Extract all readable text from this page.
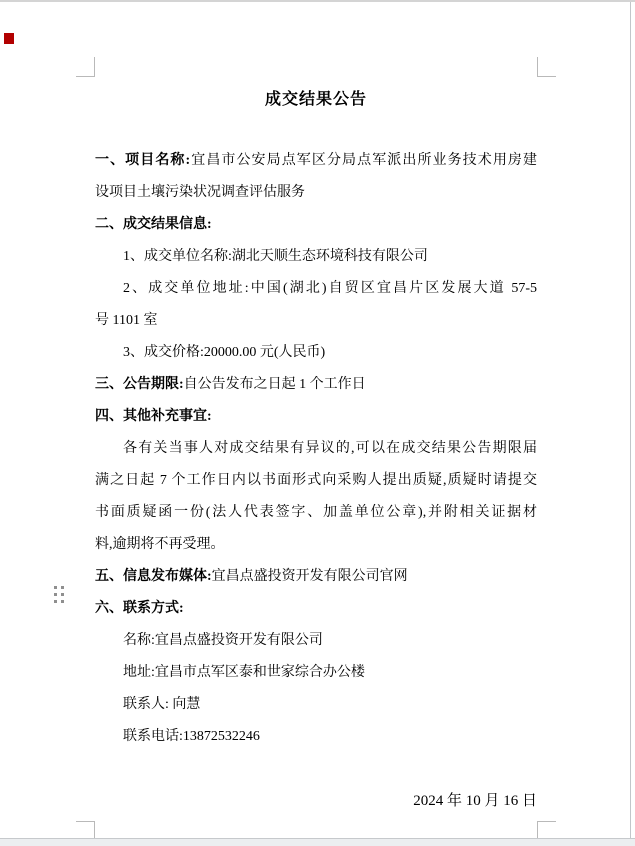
成交结果公告
一、项目名称:宜昌市公安局点军区分局点军派出所业务技术用房建
设项目土壤污染状况调查评估服务
二、成交结果信息:
1、成交单位名称:湖北天顺生态环境科技有限公司
2、成交单位地址:中国(湖北)自贸区宜昌片区发展大道 57-5
号 1101 室
3、成交价格:20000.00 元(人民币)
三、公告期限:自公告发布之日起 1 个工作日
四、其他补充事宜:
各有关当事人对成交结果有异议的,可以在成交结果公告期限届
满之日起 7 个工作日内以书面形式向采购人提出质疑,质疑时请提交
书面质疑函一份(法人代表签字、加盖单位公章),并附相关证据材
料,逾期将不再受理。
五、信息发布媒体:宜昌点盛投资开发有限公司官网
六、联系方式:
名称:宜昌点盛投资开发有限公司
地址:宜昌市点军区泰和世家综合办公楼
联系人: 向慧
联系电话:13872532246
2024 年 10 月 16 日
